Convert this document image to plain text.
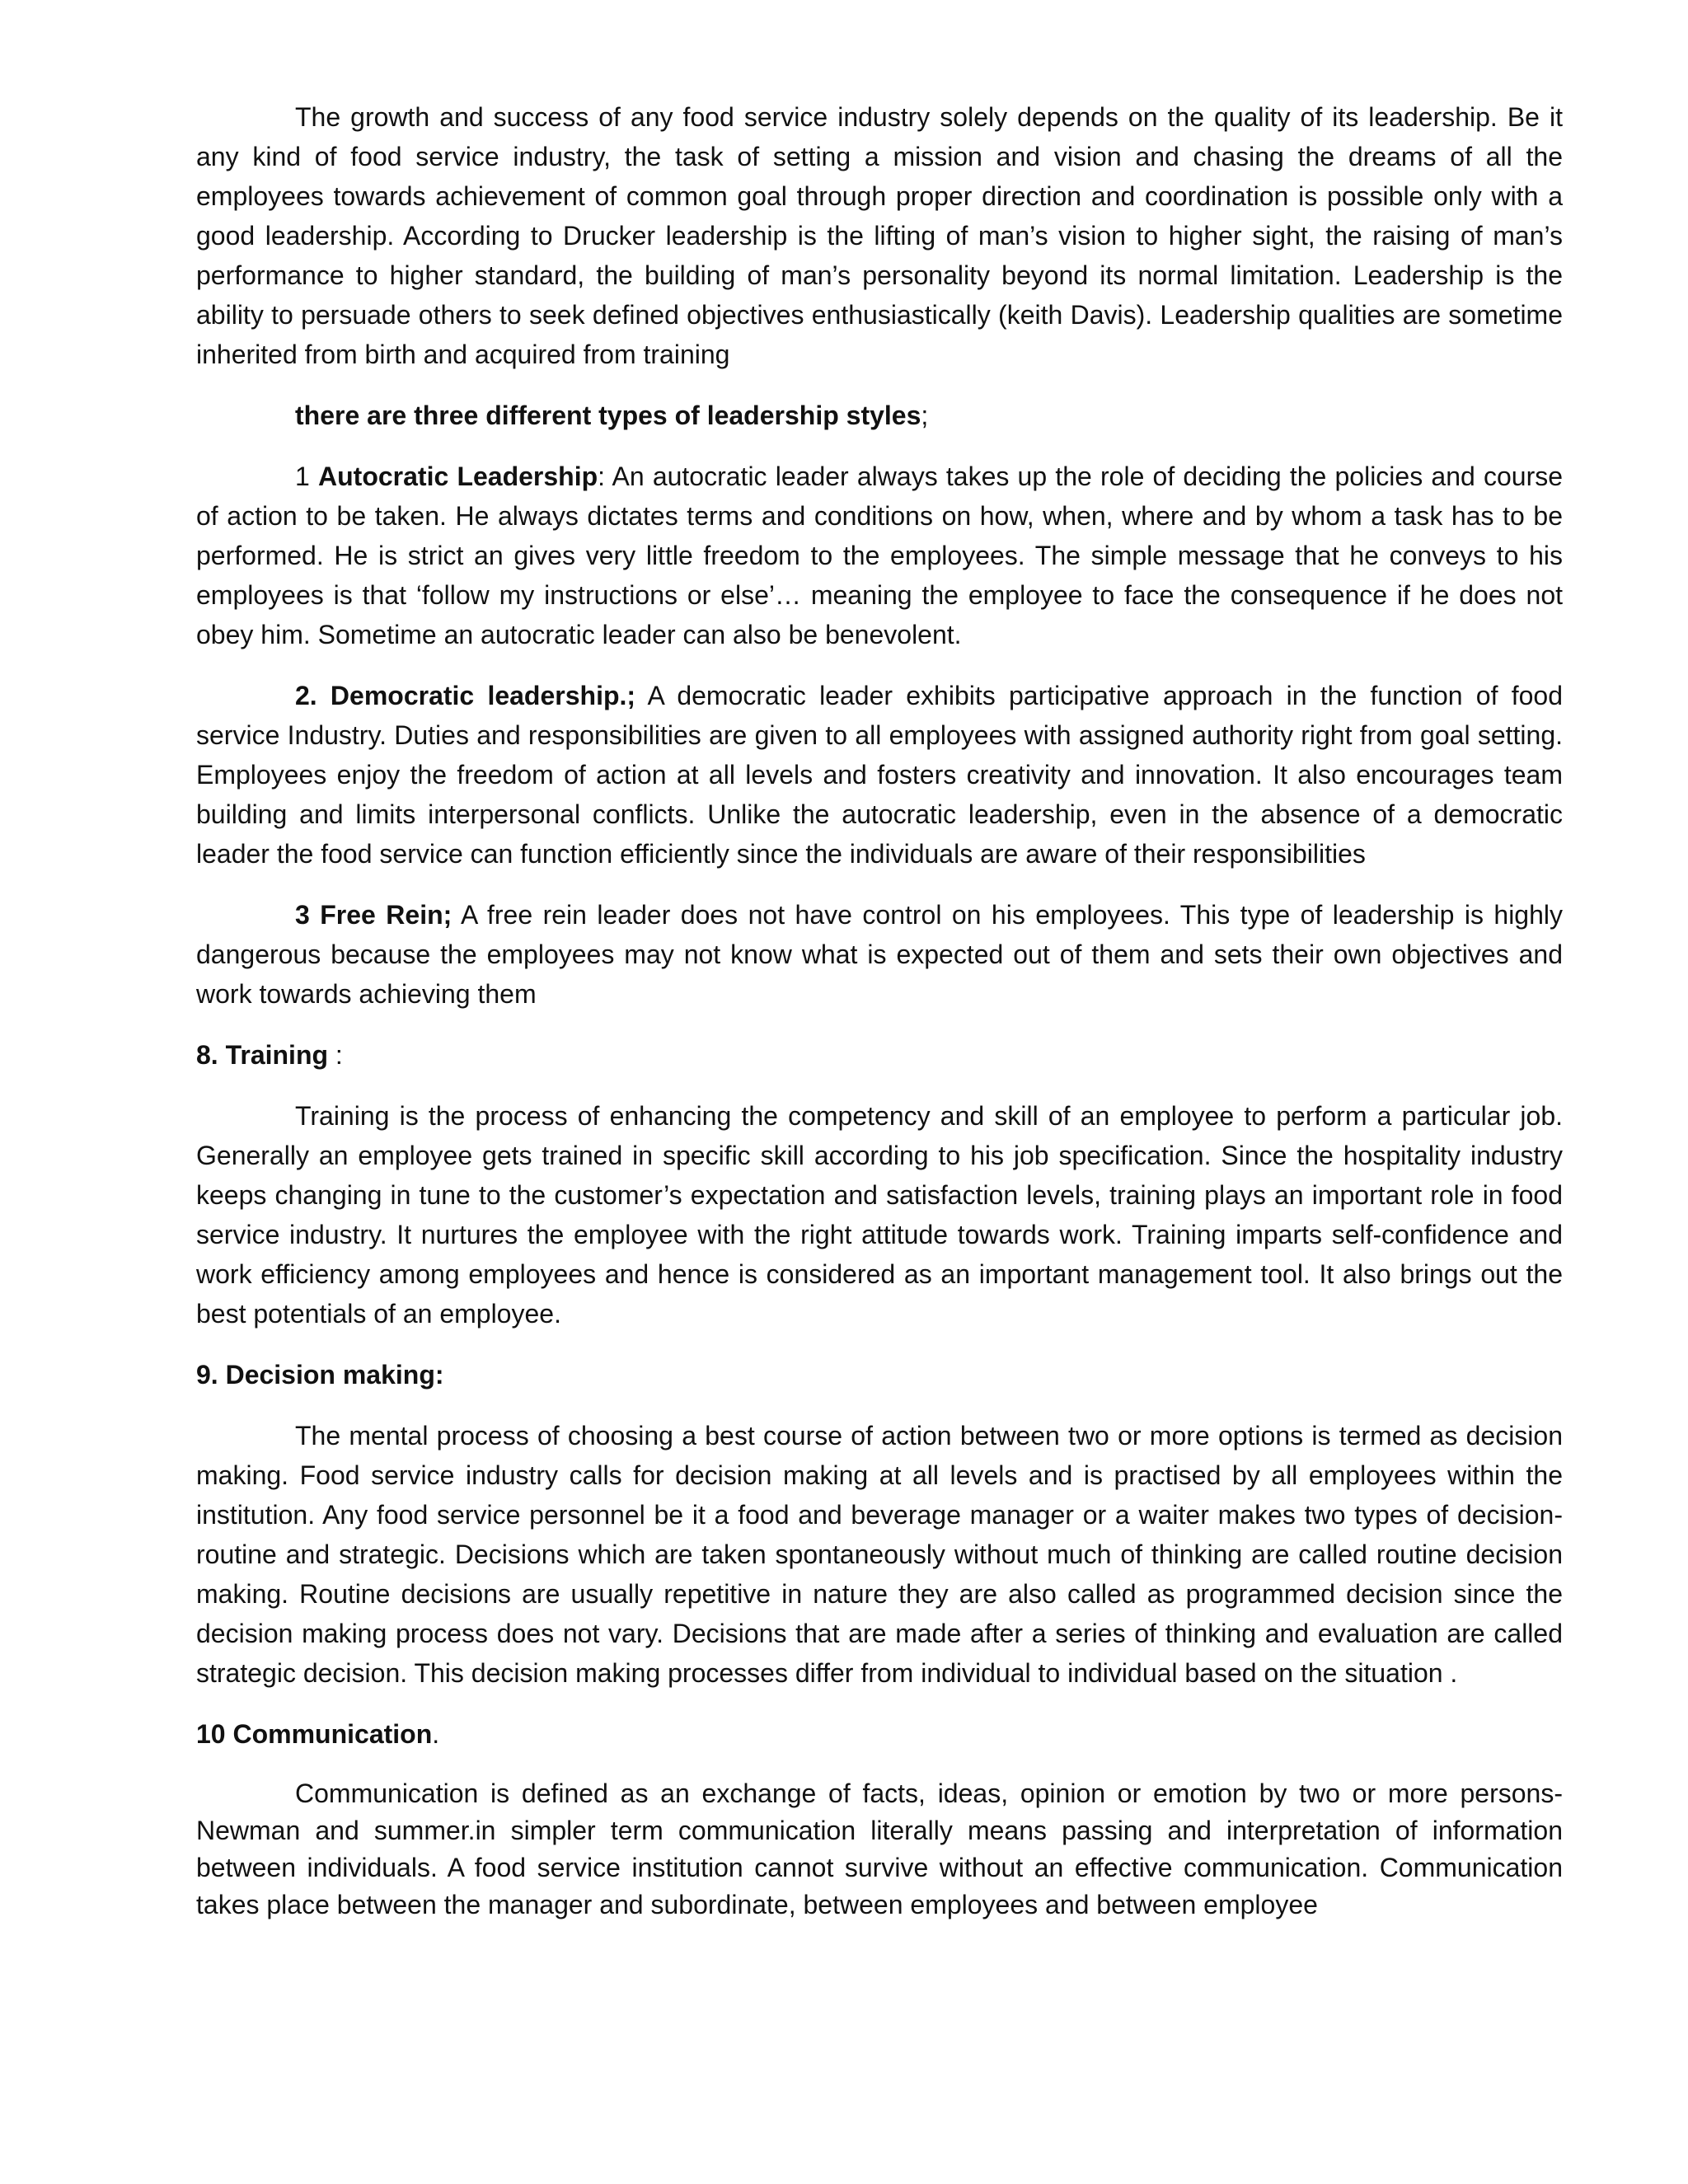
The growth and success of any food service industry solely depends on the quality of its leadership. Be it any kind of food service industry, the task of setting a mission and vision and chasing the dreams of all the employees towards achievement of common goal through proper direction and coordination is possible only with a good leadership. According to Drucker leadership is the lifting of man’s vision to higher sight, the raising of man’s performance to higher standard, the building of man’s personality beyond its normal limitation. Leadership is the ability to persuade others to seek defined objectives enthusiastically (keith Davis). Leadership qualities are sometime inherited from birth and acquired from training

there are three different types of leadership styles;

1 Autocratic Leadership: An autocratic leader always takes up the role of deciding the policies and course of action to be taken. He always dictates terms and conditions on how, when, where and by whom a task has to be performed. He is strict an gives very little freedom to the employees. The simple message that he conveys to his employees is that ‘follow my instructions or else’… meaning the employee to face the consequence if he does not obey him. Sometime an autocratic leader can also be benevolent.

2. Democratic leadership.; A democratic leader exhibits participative approach in the function of food service Industry. Duties and responsibilities are given to all employees with assigned authority right from goal setting. Employees enjoy the freedom of action at all levels and fosters creativity and innovation. It also encourages team building and limits interpersonal conflicts. Unlike the autocratic leadership, even in the absence of a democratic leader the food service can function efficiently since the individuals are aware of their responsibilities

3 Free Rein; A free rein leader does not have control on his employees. This type of leadership is highly dangerous because the employees may not know what is expected out of them and sets their own objectives and work towards achieving them

8. Training :

Training is the process of enhancing the competency and skill of an employee to perform a particular job. Generally an employee gets trained in specific skill according to his job specification. Since the hospitality industry keeps changing in tune to the customer’s expectation and satisfaction levels, training plays an important role in food service industry. It nurtures the employee with the right attitude towards work. Training imparts self-confidence and work efficiency among employees and hence is considered as an important management tool. It also brings out the best potentials of an employee.

9. Decision making:

The mental process of choosing a best course of action between two or more options is termed as decision making. Food service industry calls for decision making at all levels and is practised by all employees within the institution. Any food service personnel be it a food and beverage manager or a waiter makes two types of decision-routine and strategic. Decisions which are taken spontaneously without much of thinking are called routine decision making. Routine decisions are usually repetitive in nature they are also called as programmed decision since the decision making process does not vary. Decisions that are made after a series of thinking and evaluation are called strategic decision. This decision making processes differ from individual to individual based on the situation .

10 Communication.

Communication is defined as an exchange of facts, ideas, opinion or emotion by two or more persons-Newman and summer.in simpler term communication literally means passing and interpretation of information between individuals. A food service institution cannot survive without an effective communication. Communication takes place between the manager and subordinate, between employees and between employee
